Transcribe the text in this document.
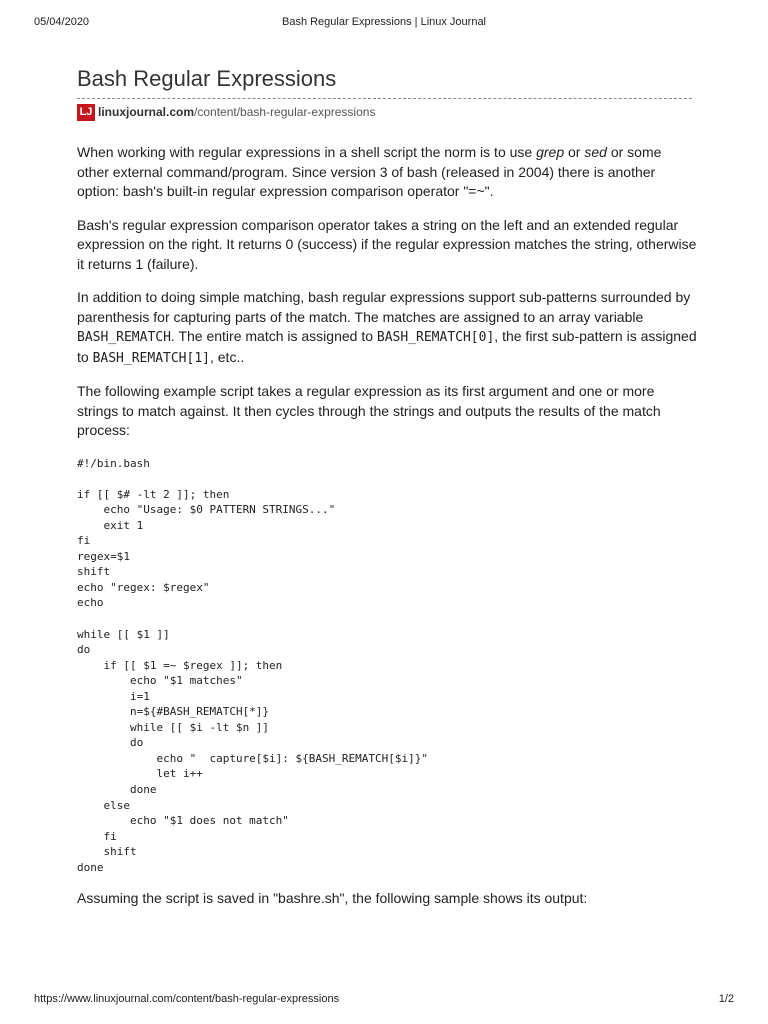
05/04/2020	Bash Regular Expressions | Linux Journal
Bash Regular Expressions
LJ linuxjournal.com/content/bash-regular-expressions

When working with regular expressions in a shell script the norm is to use grep or sed or some other external command/program. Since version 3 of bash (released in 2004) there is another option: bash's built-in regular expression comparison operator "=~".

Bash's regular expression comparison operator takes a string on the left and an extended regular expression on the right. It returns 0 (success) if the regular expression matches the string, otherwise it returns 1 (failure).

In addition to doing simple matching, bash regular expressions support sub-patterns surrounded by parenthesis for capturing parts of the match. The matches are assigned to an array variable BASH_REMATCH. The entire match is assigned to BASH_REMATCH[0], the first sub-pattern is assigned to BASH_REMATCH[1], etc..

The following example script takes a regular expression as its first argument and one or more strings to match against. It then cycles through the strings and outputs the results of the match process:

#!/bin.bash

if [[ $# -lt 2 ]]; then
echo "Usage: $0 PATTERN STRINGS..."
exit 1
fi
regex=$1
shift
echo "regex: $regex"
echo

while [[ $1 ]]
do
if [[ $1 =~ $regex ]]; then
echo "$1 matches"
i=1
n=${#BASH_REMATCH[*]}
while [[ $i -lt $n ]]
do
echo "  capture[$i]: ${BASH_REMATCH[$i]}"
let i++
done
else
echo "$1 does not match"
fi
shift
done

Assuming the script is saved in "bashre.sh", the following sample shows its output:

https://www.linuxjournal.com/content/bash-regular-expressions	1/2
